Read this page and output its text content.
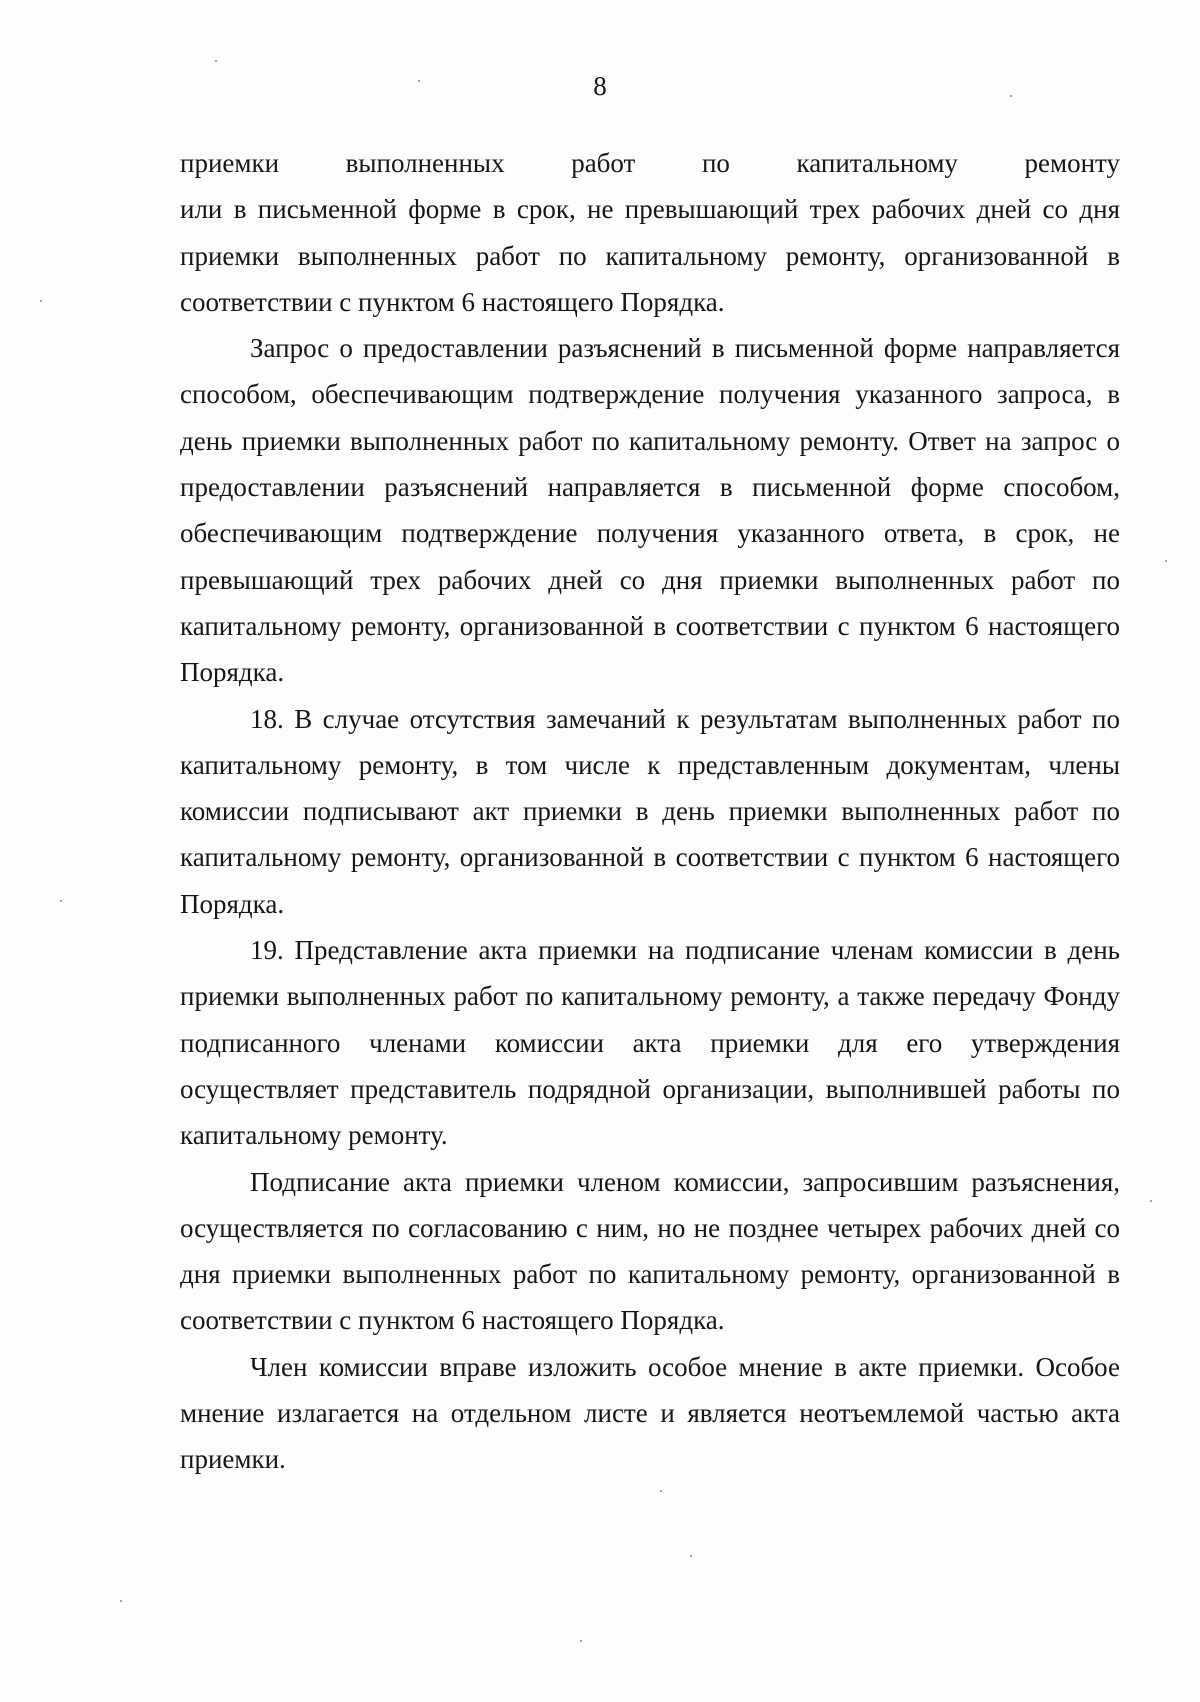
8

приемки выполненных работ по капитальному ремонту
или в письменной форме в срок, не превышающий трех рабочих дней со дня приемки выполненных работ по капитальному ремонту, организованной в соответствии с пунктом 6 настоящего Порядка.

Запрос о предоставлении разъяснений в письменной форме направляется способом, обеспечивающим подтверждение получения указанного запроса, в день приемки выполненных работ по капитальному ремонту. Ответ на запрос о предоставлении разъяснений направляется в письменной форме способом, обеспечивающим подтверждение получения указанного ответа, в срок, не превышающий трех рабочих дней со дня приемки выполненных работ по капитальному ремонту, организованной в соответствии с пунктом 6 настоящего Порядка.

18. В случае отсутствия замечаний к результатам выполненных работ по капитальному ремонту, в том числе к представленным документам, члены комиссии подписывают акт приемки в день приемки выполненных работ по капитальному ремонту, организованной в соответствии с пунктом 6 настоящего Порядка.

19. Представление акта приемки на подписание членам комиссии в день приемки выполненных работ по капитальному ремонту, а также передачу Фонду подписанного членами комиссии акта приемки для его утверждения осуществляет представитель подрядной организации, выполнившей работы по капитальному ремонту.

Подписание акта приемки членом комиссии, запросившим разъяснения, осуществляется по согласованию с ним, но не позднее четырех рабочих дней со дня приемки выполненных работ по капитальному ремонту, организованной в соответствии с пунктом 6 настоящего Порядка.

Член комиссии вправе изложить особое мнение в акте приемки. Особое мнение излагается на отдельном листе и является неотъемлемой частью акта приемки.
